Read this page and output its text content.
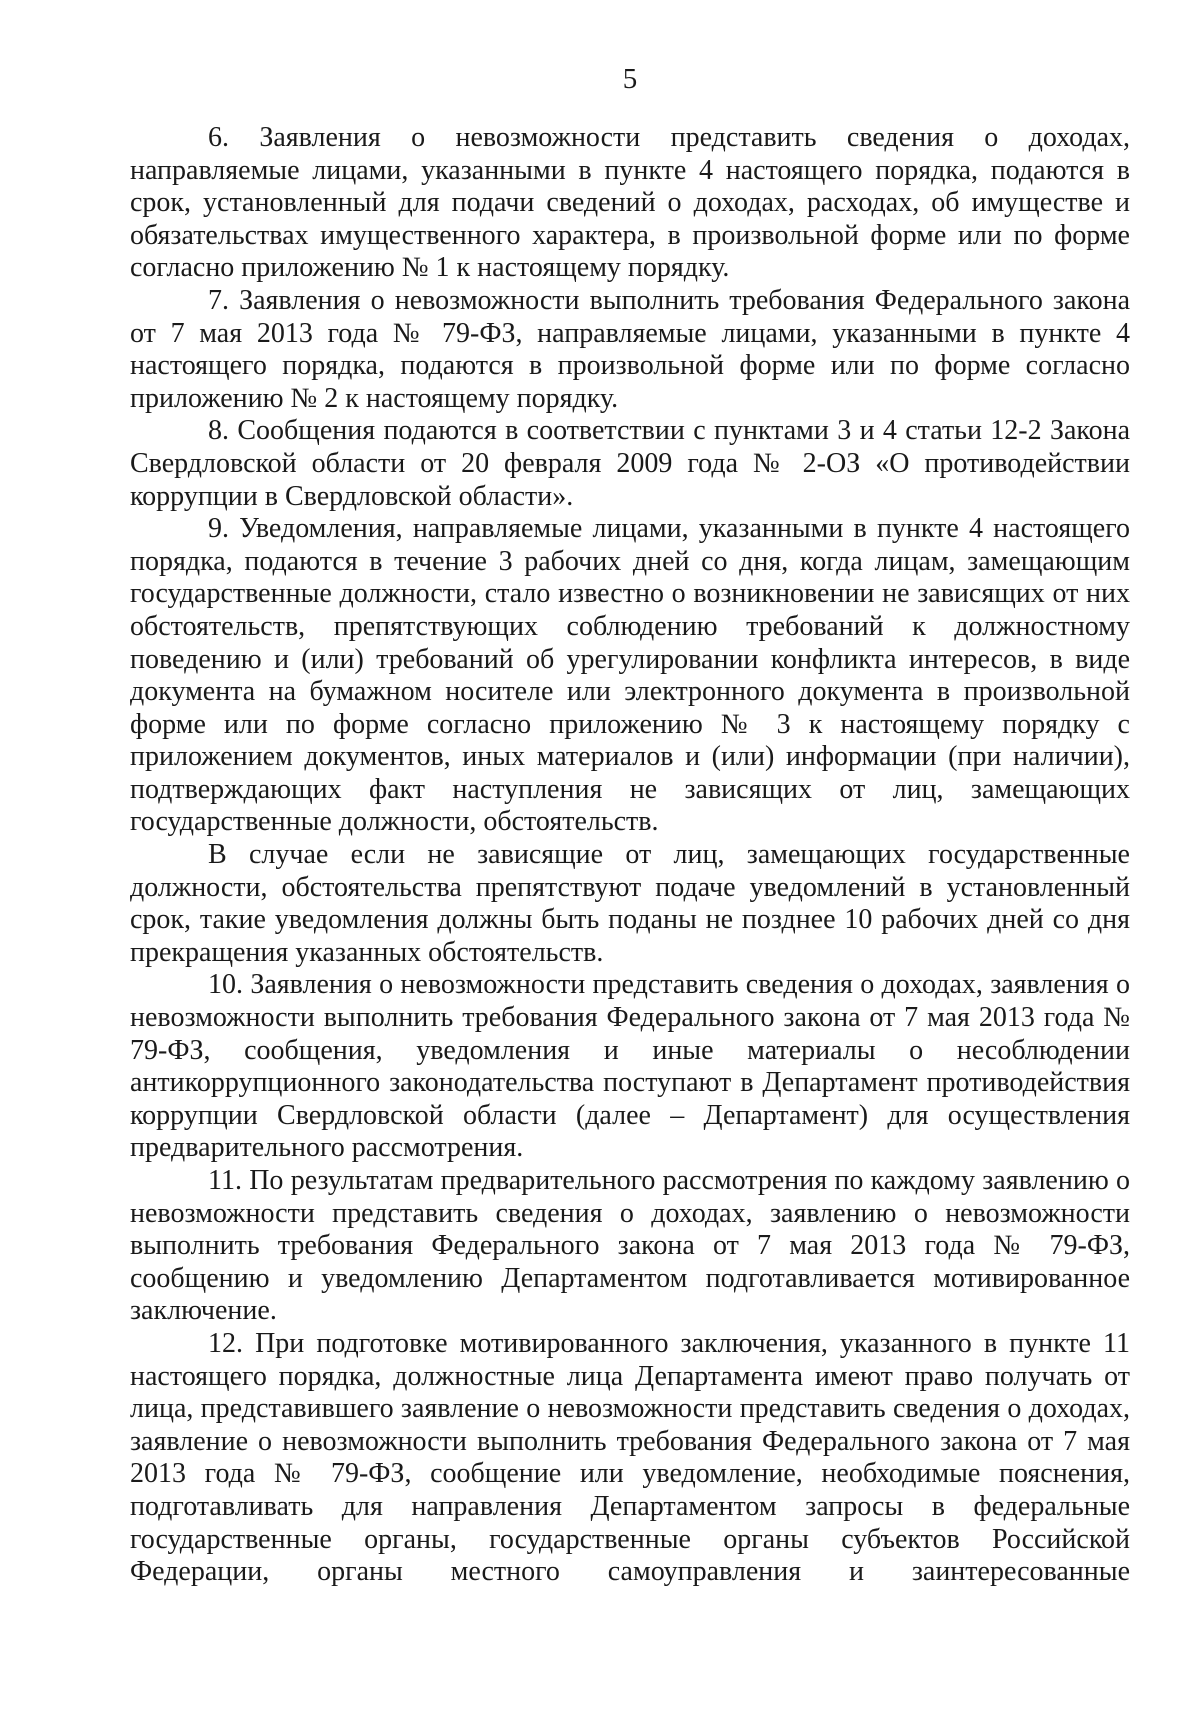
5

6. Заявления о невозможности представить сведения о доходах, направляемые лицами, указанными в пункте 4 настоящего порядка, подаются в срок, установленный для подачи сведений о доходах, расходах, об имуществе и обязательствах имущественного характера, в произвольной форме или по форме согласно приложению № 1 к настоящему порядку.

7. Заявления о невозможности выполнить требования Федерального закона от 7 мая 2013 года № 79-ФЗ, направляемые лицами, указанными в пункте 4 настоящего порядка, подаются в произвольной форме или по форме согласно приложению № 2 к настоящему порядку.

8. Сообщения подаются в соответствии с пунктами 3 и 4 статьи 12-2 Закона Свердловской области от 20 февраля 2009 года № 2-ОЗ «О противодействии коррупции в Свердловской области».

9. Уведомления, направляемые лицами, указанными в пункте 4 настоящего порядка, подаются в течение 3 рабочих дней со дня, когда лицам, замещающим государственные должности, стало известно о возникновении не зависящих от них обстоятельств, препятствующих соблюдению требований к должностному поведению и (или) требований об урегулировании конфликта интересов, в виде документа на бумажном носителе или электронного документа в произвольной форме или по форме согласно приложению № 3 к настоящему порядку с приложением документов, иных материалов и (или) информации (при наличии), подтверждающих факт наступления не зависящих от лиц, замещающих государственные должности, обстоятельств.

В случае если не зависящие от лиц, замещающих государственные должности, обстоятельства препятствуют подаче уведомлений в установленный срок, такие уведомления должны быть поданы не позднее 10 рабочих дней со дня прекращения указанных обстоятельств.

10. Заявления о невозможности представить сведения о доходах, заявления о невозможности выполнить требования Федерального закона от 7 мая 2013 года № 79-ФЗ, сообщения, уведомления и иные материалы о несоблюдении антикоррупционного законодательства поступают в Департамент противодействия коррупции Свердловской области (далее – Департамент) для осуществления предварительного рассмотрения.

11. По результатам предварительного рассмотрения по каждому заявлению о невозможности представить сведения о доходах, заявлению о невозможности выполнить требования Федерального закона от 7 мая 2013 года № 79-ФЗ, сообщению и уведомлению Департаментом подготавливается мотивированное заключение.

12. При подготовке мотивированного заключения, указанного в пункте 11 настоящего порядка, должностные лица Департамента имеют право получать от лица, представившего заявление о невозможности представить сведения о доходах, заявление о невозможности выполнить требования Федерального закона от 7 мая 2013 года № 79-ФЗ, сообщение или уведомление, необходимые пояснения, подготавливать для направления Департаментом запросы в федеральные государственные органы, государственные органы субъектов Российской Федерации, органы местного самоуправления и заинтересованные
